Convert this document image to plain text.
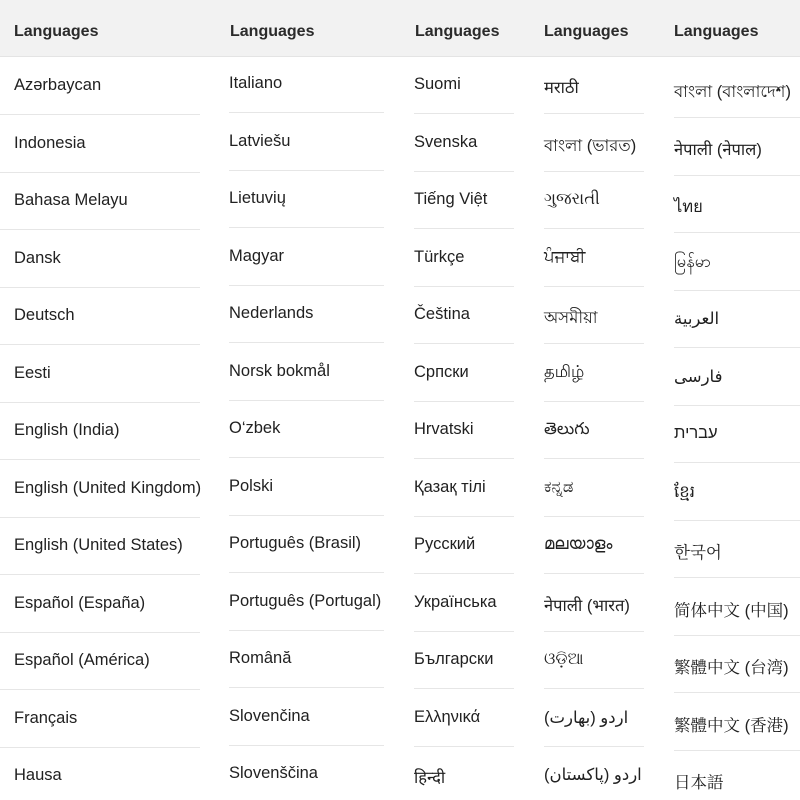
Languages
Azərbaycan
Indonesia
Bahasa Melayu
Dansk
Deutsch
Eesti
English (India)
English (United Kingdom)
English (United States)
Español (España)
Español (América)
Français
Hausa
Languages
Italiano
Latviešu
Lietuvių
Magyar
Nederlands
Norsk bokmål
O‘zbek
Polski
Português (Brasil)
Português (Portugal)
Română
Slovenčina
Slovenščina
Languages
Suomi
Svenska
Tiếng Việt
Türkçe
Čeština
Српски
Hrvatski
Қазақ тілі
Русский
Українська
Български
Ελληνικά
हिन्दी
Languages
मराठी
বাংলা (ভারত)
ગુજરાતી
ਪੰਜਾਬੀ
অসমীয়া
தமிழ்
తెలుగు
ಕನ್ನಡ
മലയാളം
नेपाली (भारत)
ଓଡ଼ିଆ
اردو (بھارت)
اردو (پاکستان)
Languages
বাংলা (বাংলাদেশ)
नेपाली (नेपाल)
ไทย
မြန်မာ
العربية
فارسی
עברית
ខ្មែរ
한국어
简体中文 (中国)
繁體中文 (台湾)
繁體中文 (香港)
日本語
